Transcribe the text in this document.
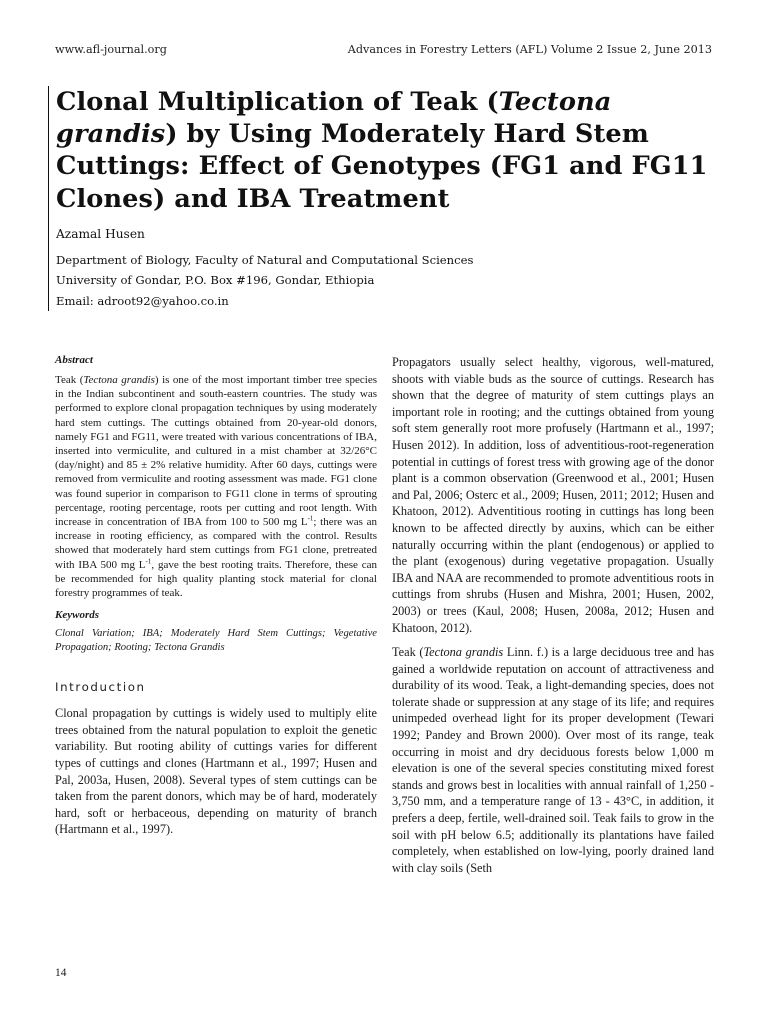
www.afl-journal.org	Advances in Forestry Letters (AFL) Volume 2 Issue 2, June 2013
Clonal Multiplication of Teak (Tectona grandis) by Using Moderately Hard Stem Cuttings: Effect of Genotypes (FG1 and FG11 Clones) and IBA Treatment
Azamal Husen
Department of Biology, Faculty of Natural and Computational Sciences
University of Gondar, P.O. Box #196, Gondar, Ethiopia
Email: adroot92@yahoo.co.in

Abstract

Teak (Tectona grandis) is one of the most important timber tree species in the Indian subcontinent and south-eastern countries. The study was performed to explore clonal propagation techniques by using moderately hard stem cuttings. The cuttings obtained from 20-year-old donors, namely FG1 and FG11, were treated with various concentrations of IBA, inserted into vermiculite, and cultured in a mist chamber at 32/26°C (day/night) and 85 ± 2% relative humidity. After 60 days, cuttings were removed from vermiculite and rooting assessment was made. FG1 clone was found superior in comparison to FG11 clone in terms of sprouting percentage, rooting percentage, roots per cutting and root length. With increase in concentration of IBA from 100 to 500 mg $L^{-1}$; there was an increase in rooting efficiency, as compared with the control. Results showed that moderately hard stem cuttings from FG1 clone, pretreated with IBA 500 mg $L^{-1}$, gave the best rooting traits. Therefore, these can be recommended for high quality planting stock material for clonal forestry programmes of teak.

Keywords

Clonal Variation; IBA; Moderately Hard Stem Cuttings; Vegetative Propagation; Rooting; Tectona Grandis

Introduction

Clonal propagation by cuttings is widely used to multiply elite trees obtained from the natural population to exploit the genetic variability. But rooting ability of cuttings varies for different types of cuttings and clones (Hartmann et al., 1997; Husen and Pal, 2003a, Husen, 2008). Several types of stem cuttings can be taken from the parent donors, which may be of hard, moderately hard, soft or herbaceous, depending on maturity of branch (Hartmann et al., 1997).

Propagators usually select healthy, vigorous, well-matured, shoots with viable buds as the source of cuttings. Research has shown that the degree of maturity of stem cuttings plays an important role in rooting; and the cuttings obtained from young soft stem generally root more profusely (Hartmann et al., 1997; Husen 2012). In addition, loss of adventitious-root-regeneration potential in cuttings of forest tress with growing age of the donor plant is a common observation (Greenwood et al., 2001; Husen and Pal, 2006; Osterc et al., 2009; Husen, 2011; 2012; Husen and Khatoon, 2012). Adventitious rooting in cuttings has long been known to be affected directly by auxins, which can be either naturally occurring within the plant (endogenous) or applied to the plant (exogenous) during vegetative propagation. Usually IBA and NAA are recommended to promote adventitious roots in cuttings from shrubs (Husen and Mishra, 2001; Husen, 2002, 2003) or trees (Kaul, 2008; Husen, 2008a, 2012; Husen and Khatoon, 2012).

Teak (Tectona grandis Linn. f.) is a large deciduous tree and has gained a worldwide reputation on account of attractiveness and durability of its wood. Teak, a light-demanding species, does not tolerate shade or suppression at any stage of its life; and requires unimpeded overhead light for its proper development (Tewari 1992; Pandey and Brown 2000). Over most of its range, teak occurring in moist and dry deciduous forests below 1,000 m elevation is one of the several species constituting mixed forest stands and grows best in localities with annual rainfall of 1,250 - 3,750 mm, and a temperature range of 13 - 43°C, in addition, it prefers a deep, fertile, well-drained soil. Teak fails to grow in the soil with pH below 6.5; additionally its plantations have failed completely, when established on low-lying, poorly drained land with clay soils (Seth

14
